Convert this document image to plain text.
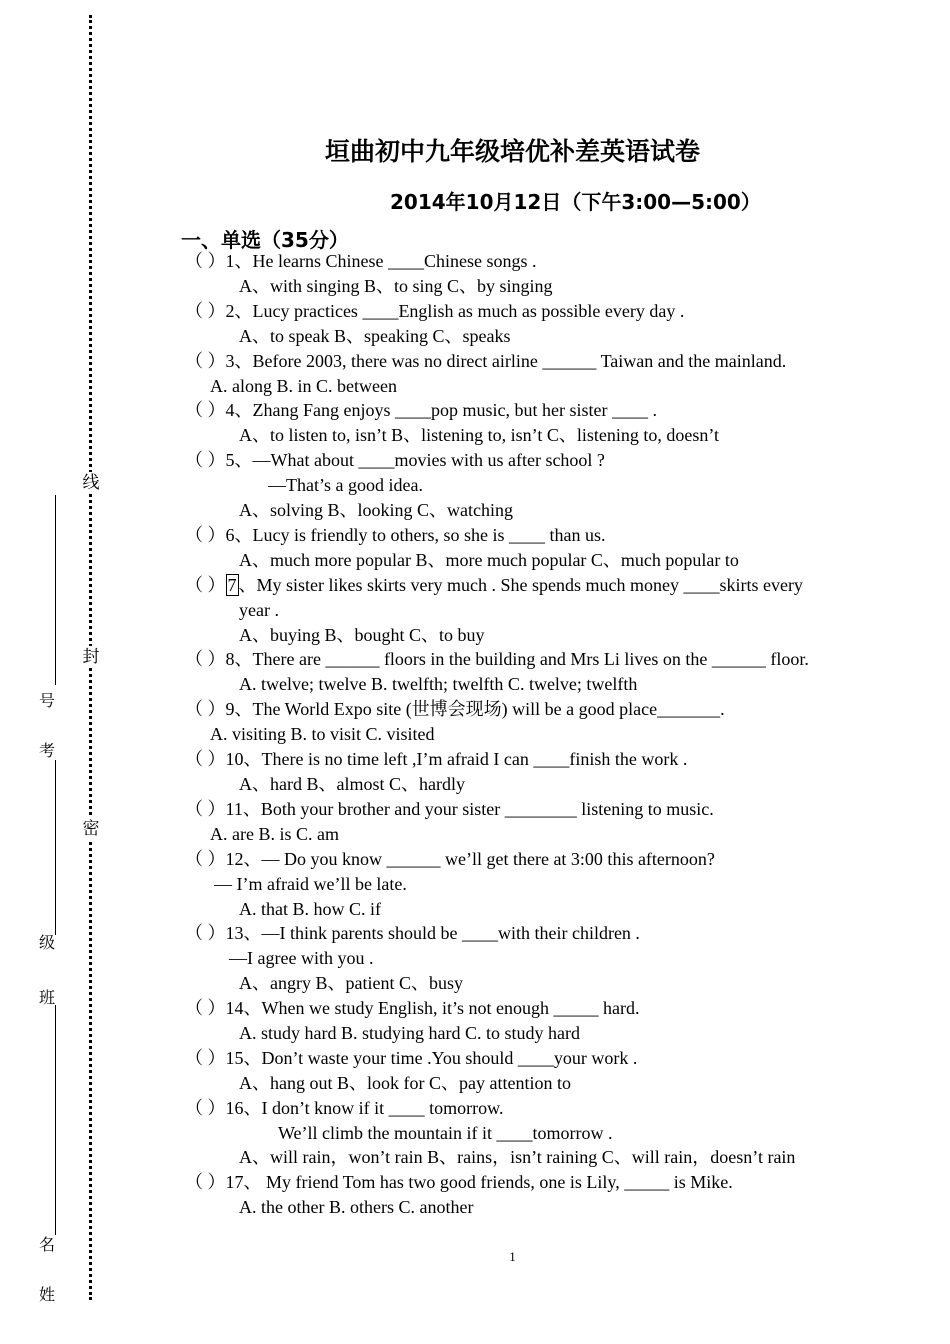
线
封
密
号
考
级
班
名
姓
垣曲初中九年级培优补差英语试卷
2014年10月12日（下午3:00—5:00）
一、单选（35分）
（ ）1、He learns Chinese ____Chinese songs .
A、with singing B、to sing C、by singing
（ ）2、Lucy practices ____English as much as possible every day .
A、to speak B、speaking C、speaks
（ ）3、Before 2003, there was no direct airline ______ Taiwan and the mainland.
A. along B. in C. between
（ ）4、Zhang Fang enjoys ____pop music, but her sister ____ .
A、to listen to, isn’t B、listening to, isn’t C、listening to, doesn’t
（ ）5、—What about ____movies with us after school ?
—That’s a good idea.
A、solving B、looking C、watching
（ ）6、Lucy is friendly to others, so she is ____ than us.
A、much more popular B、more much popular C、much popular to
（ ） 7 、My sister likes skirts very much . She spends much money ____skirts every
year .
A、buying B、bought C、to buy
（ ）8、There are ______ floors in the building and Mrs Li lives on the ______ floor.
A. twelve; twelve B. twelfth; twelfth C. twelve; twelfth
（ ）9、The World Expo site (世博会现场) will be a good place_______.
A. visiting B. to visit C. visited
（ ）10、There is no time left ,I’m afraid I can ____finish the work .
A、hard B、almost C、hardly
（ ）11、Both your brother and your sister ________ listening to music.
A. are B. is C. am
（ ）12、— Do you know ______ we’ll get there at 3:00 this afternoon?
— I’m afraid we’ll be late.
A. that B. how C. if
（ ）13、—I think parents should be ____with their children .
—I agree with you .
A、angry B、patient C、busy
（ ）14、When we study English, it’s not enough _____ hard.
A. study hard B. studying hard C. to study hard
（ ）15、Don’t waste your time .You should ____your work .
A、hang out B、look for C、pay attention to
（ ）16、I don’t know if it ____ tomorrow.
We’ll climb the mountain if it ____tomorrow .
A、will rain，won’t rain B、rains，isn’t raining C、will rain，doesn’t rain
（ ）17、 My friend Tom has two good friends, one is Lily, _____ is Mike.
A. the other B. others C. another
1
